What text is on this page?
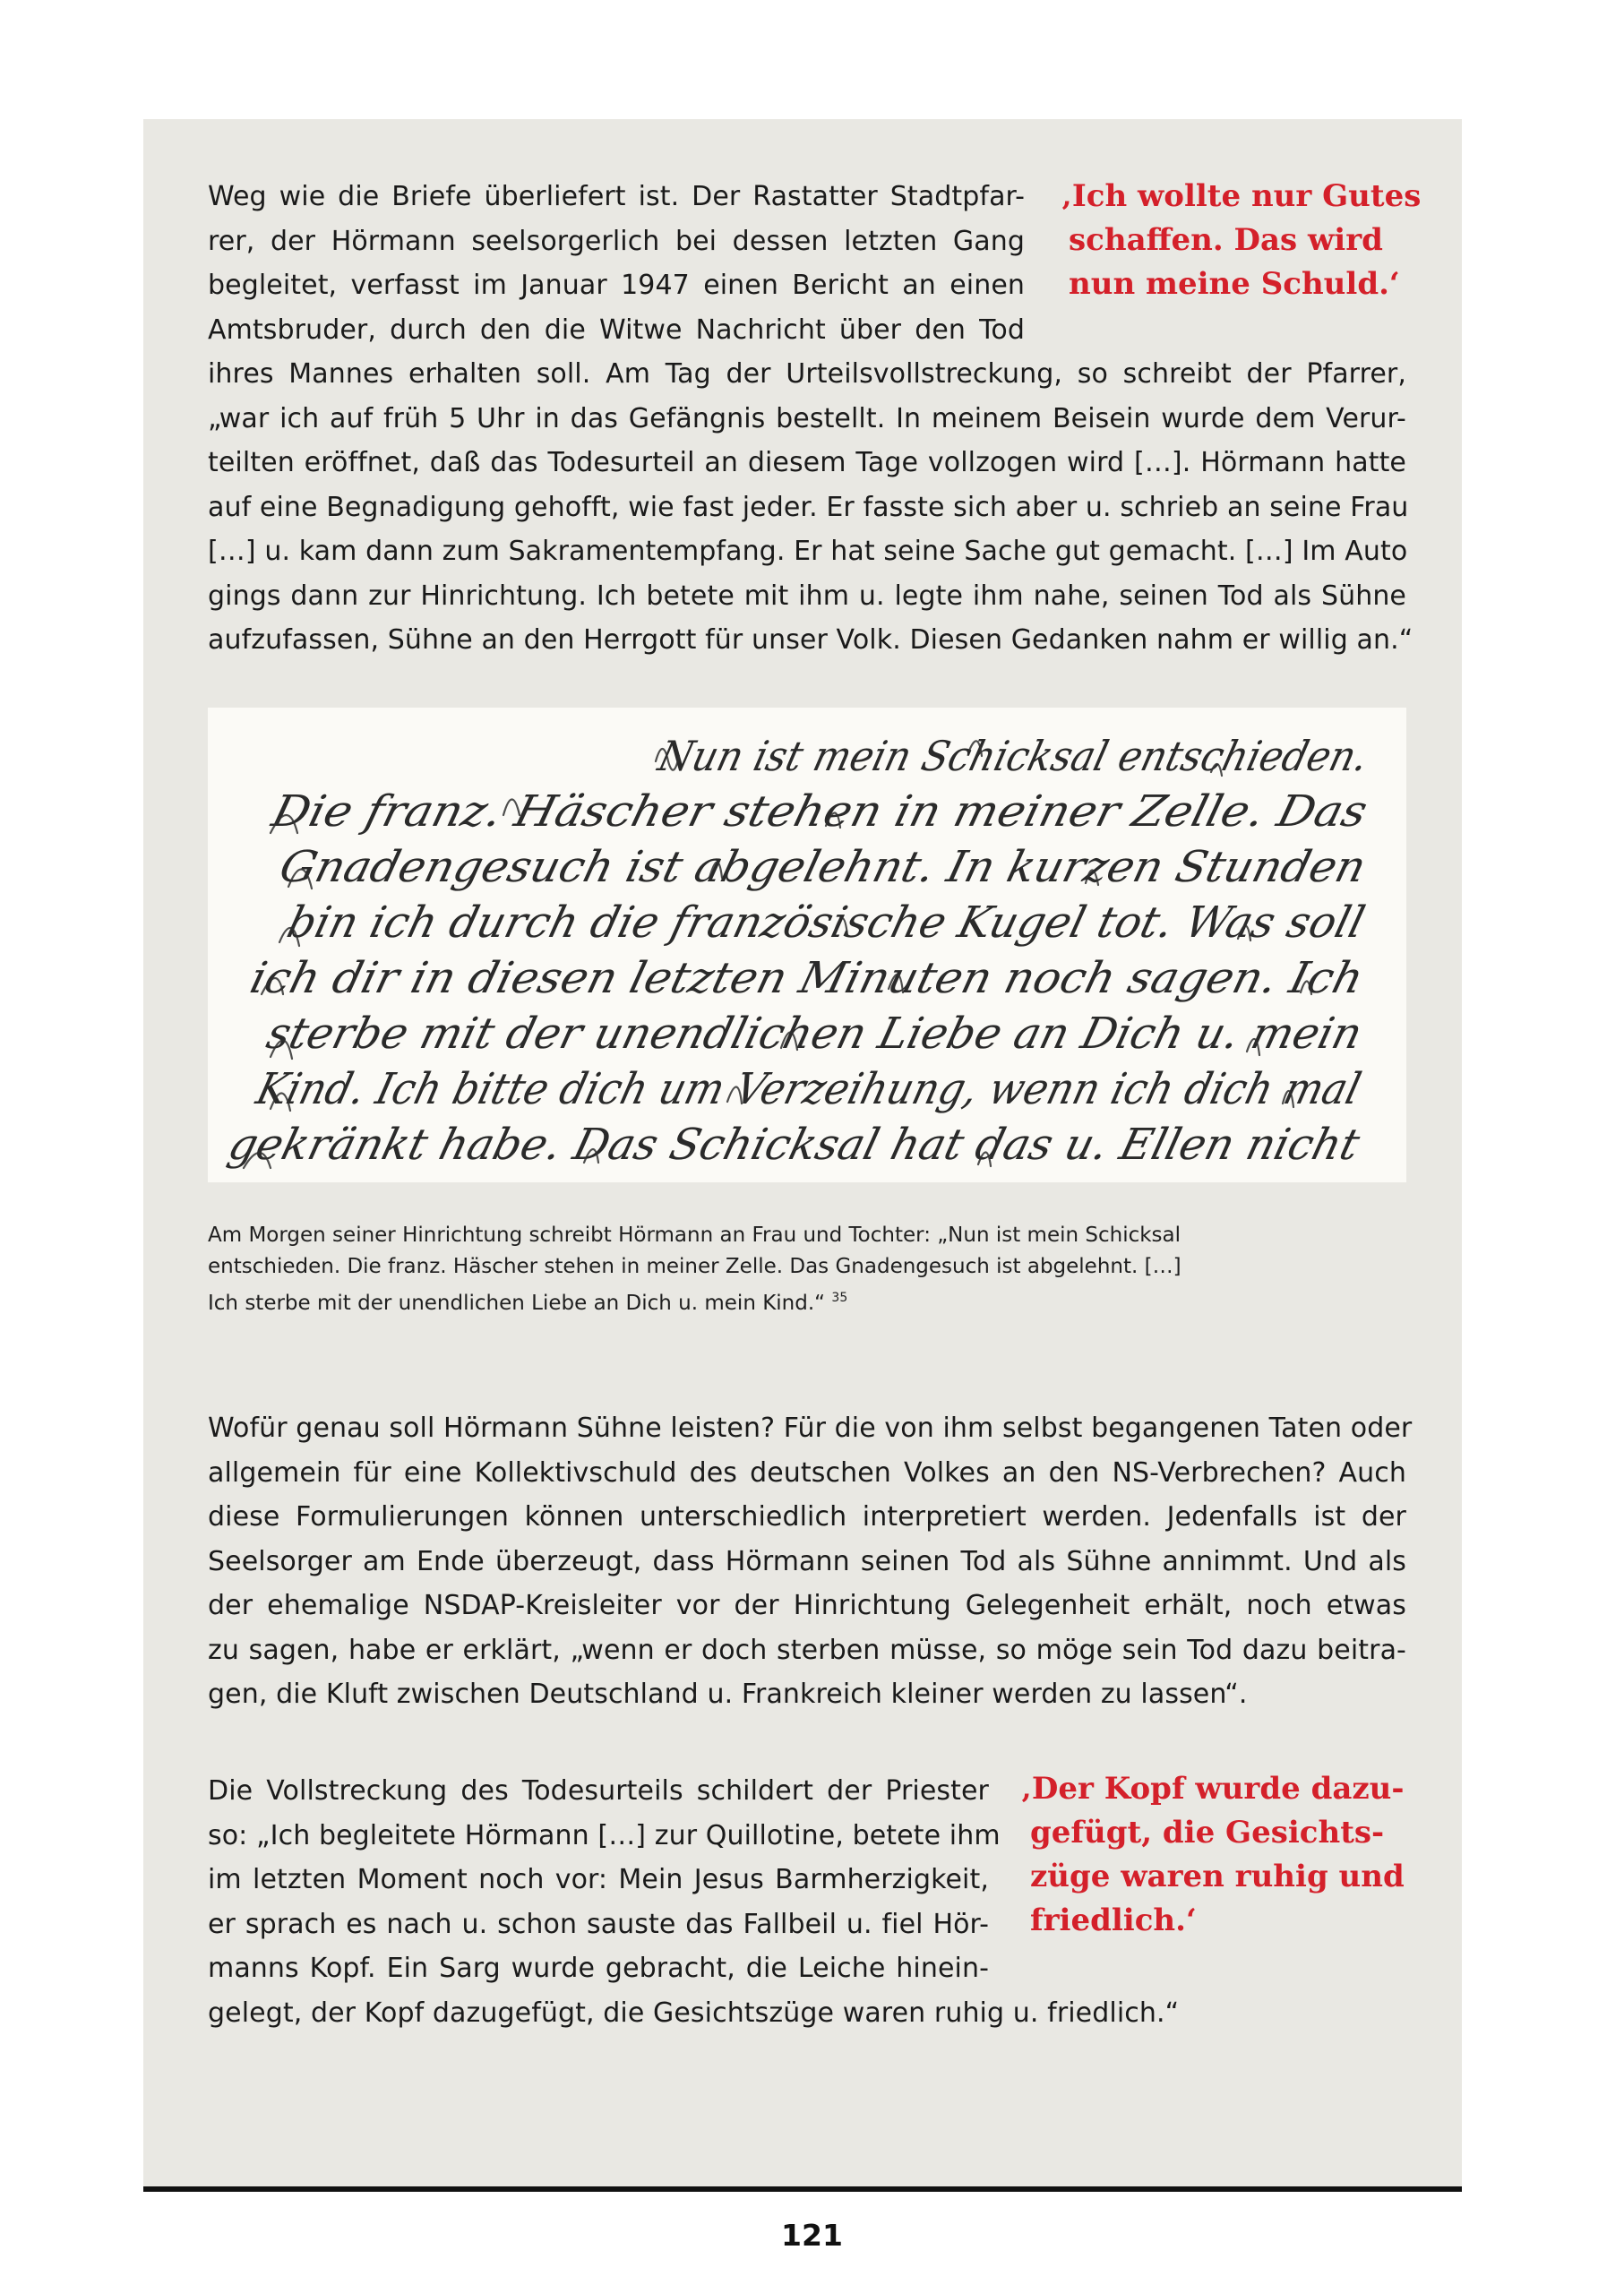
Weg wie die Briefe überliefert ist. Der Rastatter Stadtpfar-
rer, der Hörmann seelsorgerlich bei dessen letzten Gang
begleitet, verfasst im Januar 1947 einen Bericht an einen
Amtsbruder, durch den die Witwe Nachricht über den Tod
ihres Mannes erhalten soll. Am Tag der Urteilsvollstreckung, so schreibt der Pfarrer,
„war ich auf früh 5 Uhr in das Gefängnis bestellt. In meinem Beisein wurde dem Verur-
teilten eröffnet, daß das Todesurteil an diesem Tage vollzogen wird […]. Hörmann hatte
auf eine Begnadigung gehofft, wie fast jeder. Er fasste sich aber u. schrieb an seine Frau
[…] u. kam dann zum Sakramentempfang. Er hat seine Sache gut gemacht. […] Im Auto
gings dann zur Hinrichtung. Ich betete mit ihm u. legte ihm nahe, seinen Tod als Sühne
aufzufassen, Sühne an den Herrgott für unser Volk. Diesen Gedanken nahm er willig an.“
‚Ich wollte nur Gutes
schaffen. Das wird
nun meine Schuld.‘
Nun ist mein Schicksal entschieden.
Die franz. Häscher stehen in meiner Zelle. Das
Gnadengesuch ist abgelehnt. In kurzen Stunden
bin ich durch die französische Kugel tot. Was soll
ich dir in diesen letzten Minuten noch sagen. Ich
sterbe mit der unendlichen Liebe an Dich u. mein
Kind. Ich bitte dich um Verzeihung, wenn ich dich mal
gekränkt habe. Das Schicksal hat das u. Ellen nicht
Am Morgen seiner Hinrichtung schreibt Hörmann an Frau und Tochter: „Nun ist mein Schicksal
entschieden. Die franz. Häscher stehen in meiner Zelle. Das Gnadengesuch ist abgelehnt. […]
Ich sterbe mit der unendlichen Liebe an Dich u. mein Kind.“ $^{35}$
Wofür genau soll Hörmann Sühne leisten? Für die von ihm selbst begangenen Taten oder
allgemein für eine Kollektivschuld des deutschen Volkes an den NS-Verbrechen? Auch
diese Formulierungen können unterschiedlich interpretiert werden. Jedenfalls ist der
Seelsorger am Ende überzeugt, dass Hörmann seinen Tod als Sühne annimmt. Und als
der ehemalige NSDAP-Kreisleiter vor der Hinrichtung Gelegenheit erhält, noch etwas
zu sagen, habe er erklärt, „wenn er doch sterben müsse, so möge sein Tod dazu beitra-
gen, die Kluft zwischen Deutschland u. Frankreich kleiner werden zu lassen“.
Die Vollstreckung des Todesurteils schildert der Priester
so: „Ich begleitete Hörmann […] zur Quillotine, betete ihm
im letzten Moment noch vor: Mein Jesus Barmherzigkeit,
er sprach es nach u. schon sauste das Fallbeil u. fiel Hör-
manns Kopf. Ein Sarg wurde gebracht, die Leiche hinein-
gelegt, der Kopf dazugefügt, die Gesichtszüge waren ruhig u. friedlich.“
‚Der Kopf wurde dazu-
gefügt, die Gesichts-
züge waren ruhig und
friedlich.‘
121
